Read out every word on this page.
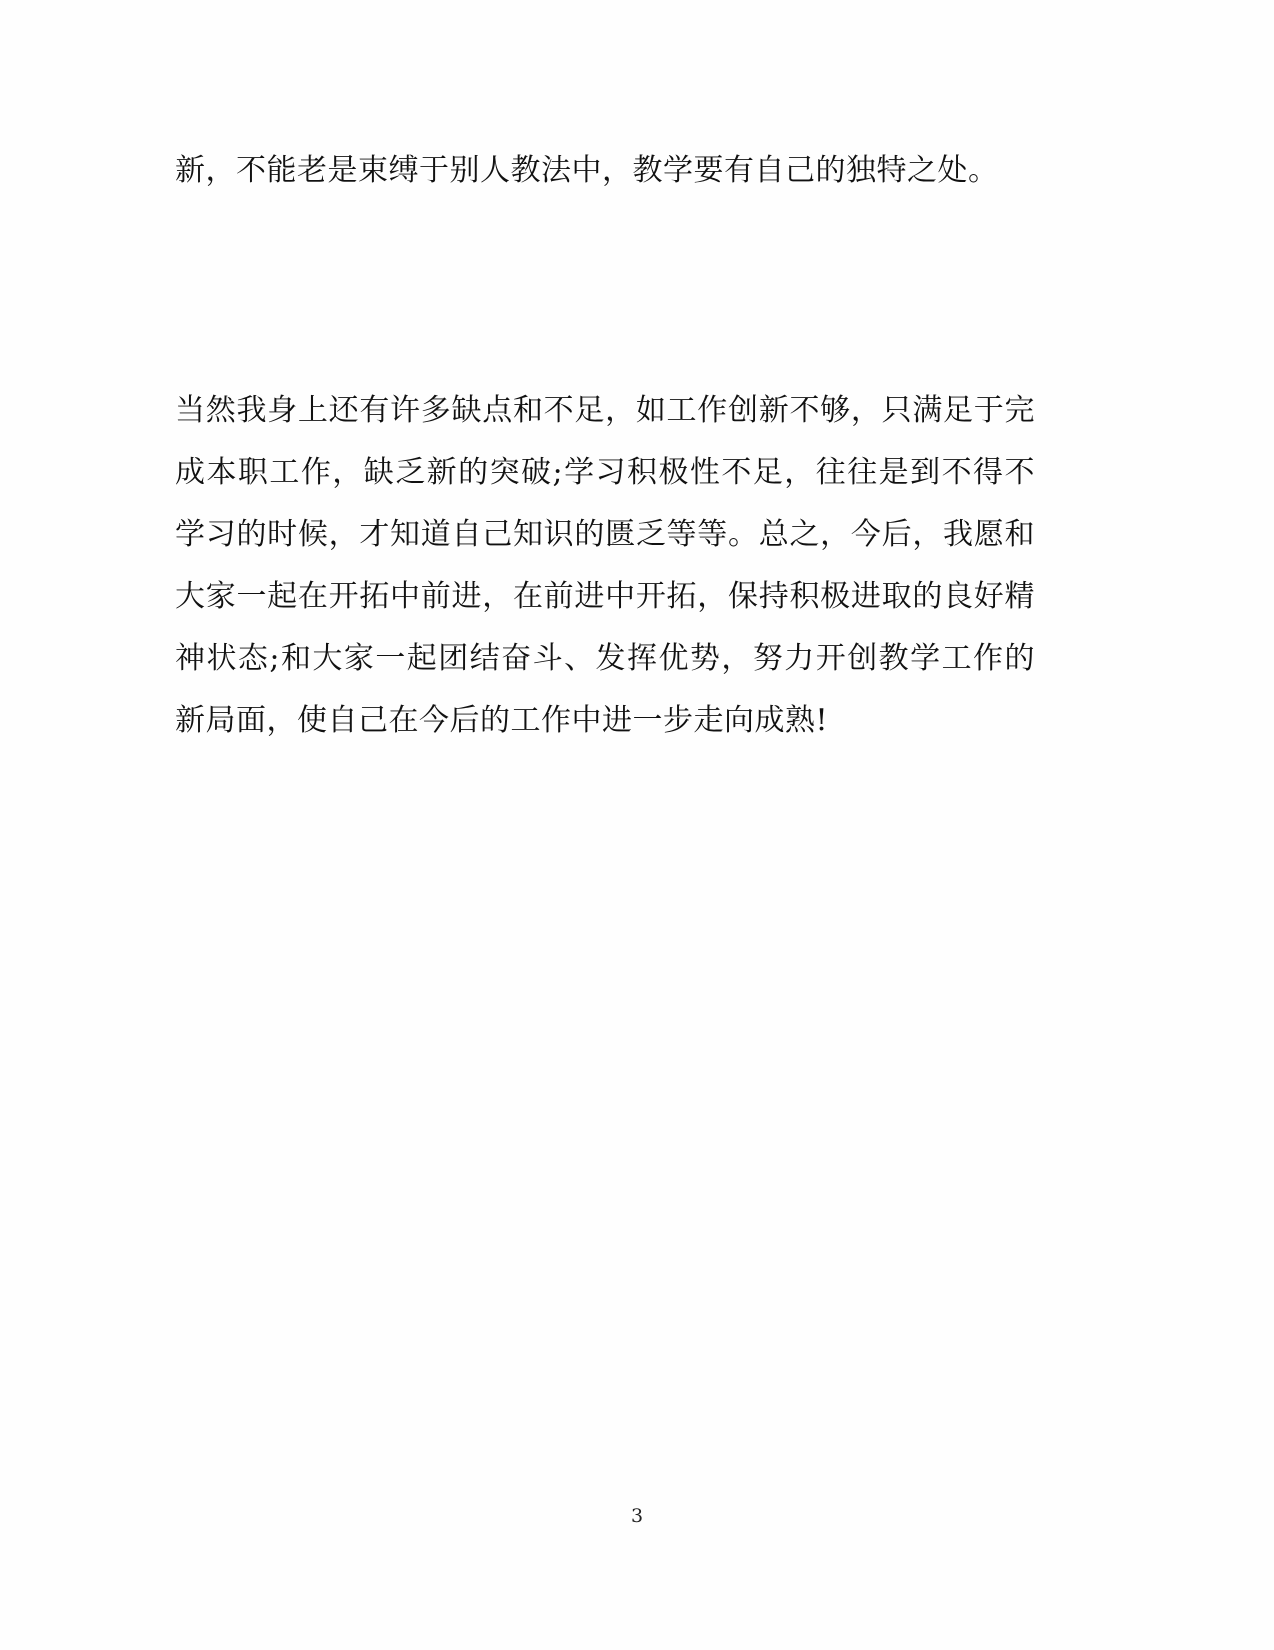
新，不能老是束缚于别人教法中，教学要有自己的独特之处。

当然我身上还有许多缺点和不足，如工作创新不够，只满足于完成本职工作，缺乏新的突破;学习积极性不足，往往是到不得不学习的时候，才知道自己知识的匮乏等等。总之，今后，我愿和大家一起在开拓中前进，在前进中开拓，保持积极进取的良好精神状态;和大家一起团结奋斗、发挥优势，努力开创教学工作的新局面，使自己在今后的工作中进一步走向成熟!

3
